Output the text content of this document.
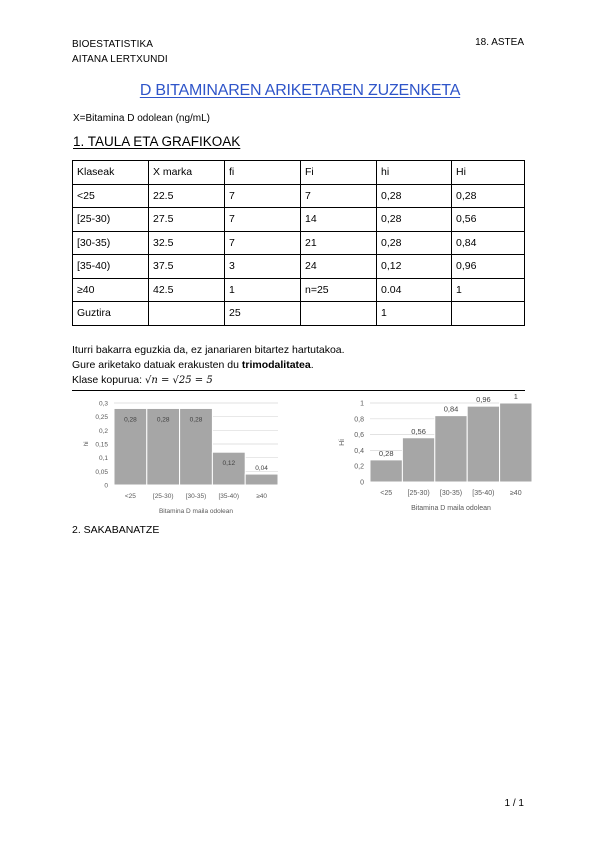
BIOESTATISTIKA
AITANA LERTXUNDI
18. ASTEA
D BITAMINAREN ARIKETAREN ZUZENKETA
X=Bitamina D odolean (ng/mL)
1. TAULA ETA GRAFIKOAK
Klaseak	X marka	fi	Fi	hi	Hi
<25	22.5	7	7	0,28	0,28
[25-30)	27.5	7	14	0,28	0,56
[30-35)	32.5	7	21	0,28	0,84
[35-40)	37.5	3	24	0,12	0,96
≥40	42.5	1	n=25	0.04	1
Guztira		25		1	
Iturri bakarra eguzkia da, ez janariaren bitartez hartutakoa.
Gure ariketako datuak erakusten du trimodalitatea.
Klase kopurua: √n = √25 = 5
0
0,05
0,1
0,15
0,2
0,25
0,3
0,28
<25
0,28
[25-30)
0,28
[30-35)
0,12
[35-40)
0,04
≥40
Bitamina D maila odolean
hi
0
0,2
0,4
0,6
0,8
1
0,28
<25
0,56
[25-30)
0,84
[30-35)
0,96
[35-40)
1
≥40
Bitamina D maila odolean
Hi
2. SAKABANATZE
1 / 1
